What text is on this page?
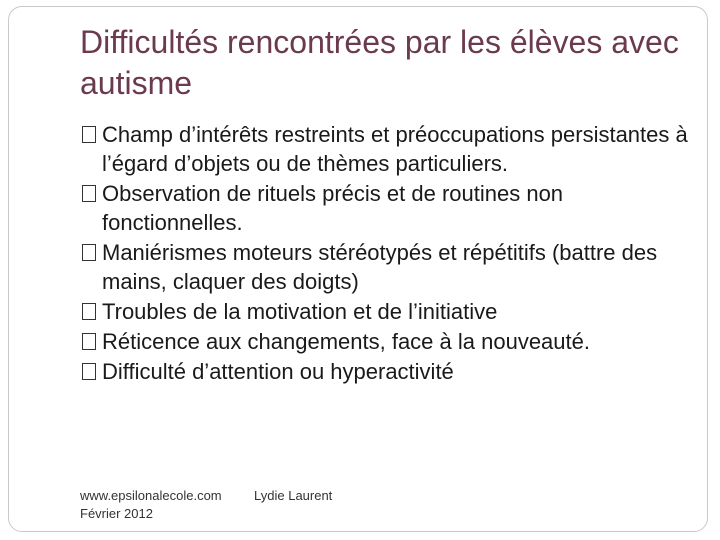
Difficultés rencontrées par les élèves avec autisme
Champ d’intérêts restreints et préoccupations persistantes à l’égard d’objets ou de thèmes particuliers.
Observation de rituels précis et de routines non fonctionnelles.
Maniérismes moteurs stéréotypés et répétitifs (battre des mains, claquer des doigts)
Troubles de la motivation et de l’initiative
Réticence aux changements, face à la nouveauté.
Difficulté d’attention ou hyperactivité
www.epsilonalecole.com
Février 2012
Lydie Laurent
